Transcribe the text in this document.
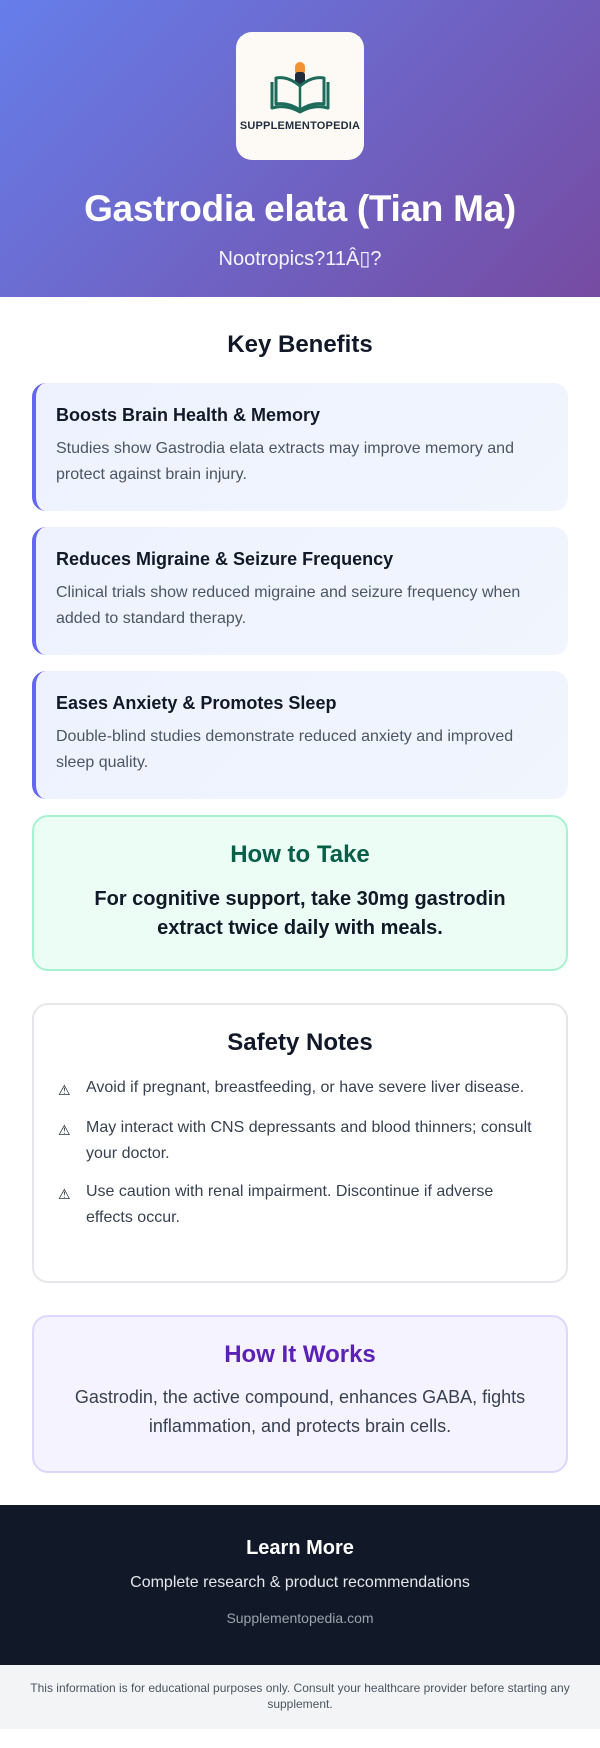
SUPPLEMENTOPEDIA
Gastrodia elata (Tian Ma)
Nootropics?11Â▯?
Key Benefits
Boosts Brain Health & Memory

Studies show Gastrodia elata extracts may improve memory and protect against brain injury.

Reduces Migraine & Seizure Frequency

Clinical trials show reduced migraine and seizure frequency when added to standard therapy.

Eases Anxiety & Promotes Sleep

Double-blind studies demonstrate reduced anxiety and improved sleep quality.

How to Take

For cognitive support, take 30mg gastrodin extract twice daily with meals.

Safety Notes
⚠ Avoid if pregnant, breastfeeding, or have severe liver disease.
⚠ May interact with CNS depressants and blood thinners; consult your doctor.
⚠ Use caution with renal impairment. Discontinue if adverse effects occur.
How It Works

Gastrodin, the active compound, enhances GABA, fights inflammation, and protects brain cells.

Learn More
Complete research & product recommendations
Supplementopedia.com
This information is for educational purposes only. Consult your healthcare provider before starting any supplement.
